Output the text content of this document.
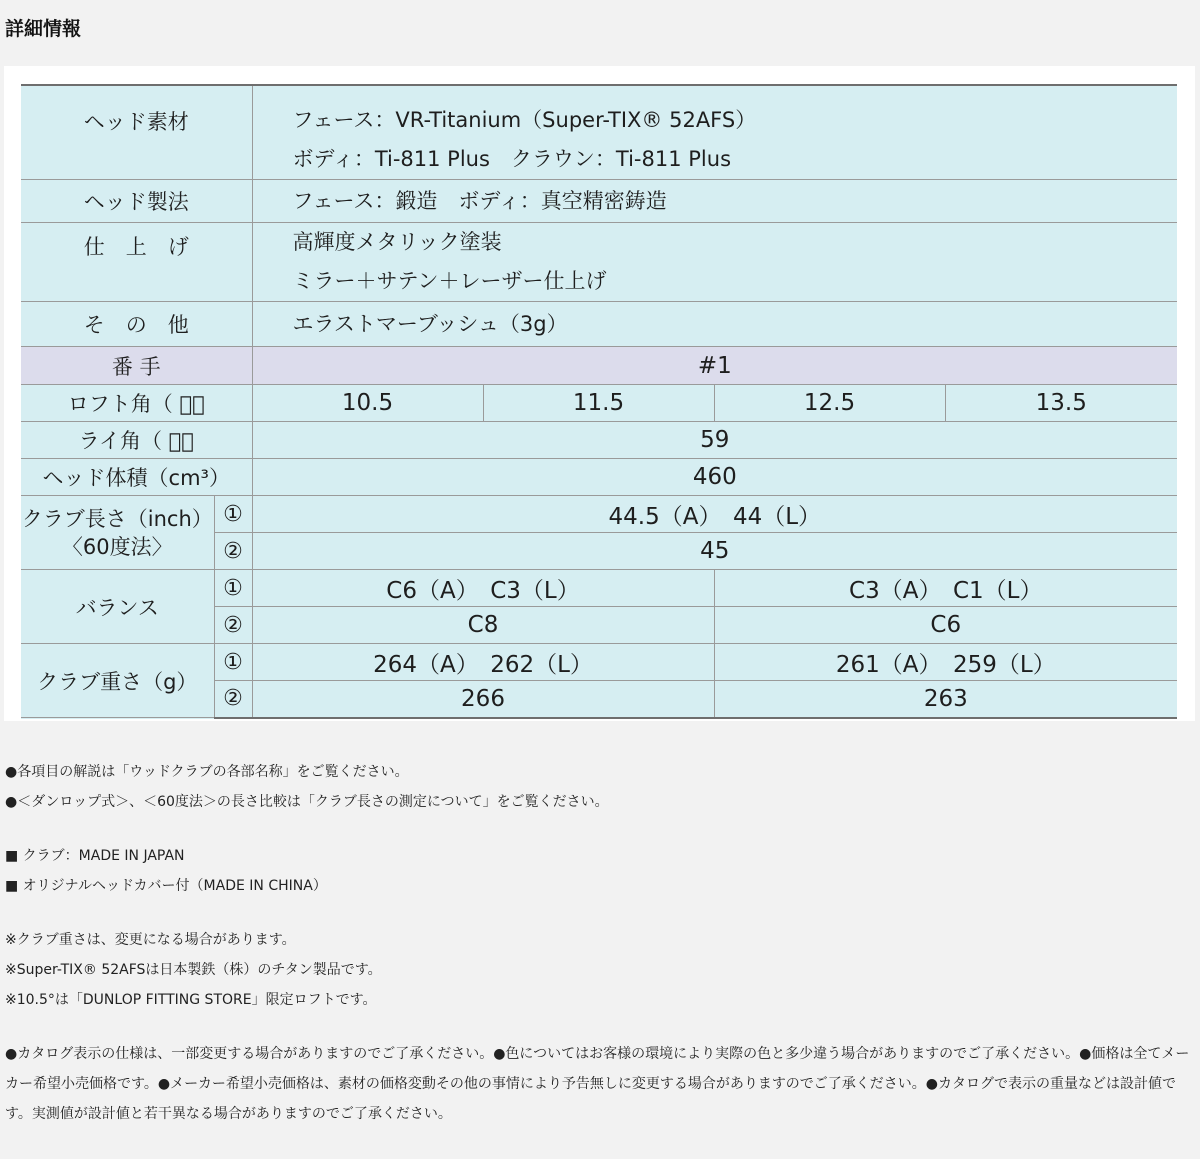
詳細情報
ヘッド素材		フェース：VR-Titanium（Super-TIX® 52AFS）
ボディ：Ti-811 Plus　クラウン：Ti-811 Plus			

ヘッド製法		フェース：鍛造　ボディ：真空精密鋳造			
仕　上　げ		高輝度メタリック塗装
ミラー＋サテン＋レーザー仕上げ			

そ　の　他		エラストマーブッシュ（3g）			
番 手		#1			
ロフト角（ ゚）		10.5	11.5	12.5	13.5
ライ角（ ゚）		59			
ヘッド体積（cm³）		460			

クラブ長さ（inch）
〈60度法〉	①	44.5（A）　44（L）			
	②	45			
バランス	①	C6（A）　C3（L）		C3（A）　C1（L）	
	②	C8		C6	
クラブ重さ（g）	①	264（A）　262（L）		261（A）　259（L）	
	②	266		263	
●各項目の解説は「ウッドクラブの各部名称」をご覧ください。
●＜ダンロップ式＞、＜60度法＞の長さ比較は「クラブ長さの測定について」をご覧ください。
■ クラブ：MADE IN JAPAN
■ オリジナルヘッドカバー付（MADE IN CHINA）
※クラブ重さは、変更になる場合があります。
※Super-TIX® 52AFSは日本製鉄（株）のチタン製品です。
※10.5°は「DUNLOP FITTING STORE」限定ロフトです。
●カタログ表示の仕様は、一部変更する場合がありますのでご了承ください。●色についてはお客様の環境により実際の色と多少違う場合がありますのでご了承ください。●価格は全てメーカー希望小売価格です。●メーカー希望小売価格は、素材の価格変動その他の事情により予告無しに変更する場合がありますのでご了承ください。●カタログで表示の重量などは設計値です。実測値が設計値と若干異なる場合がありますのでご了承ください。
